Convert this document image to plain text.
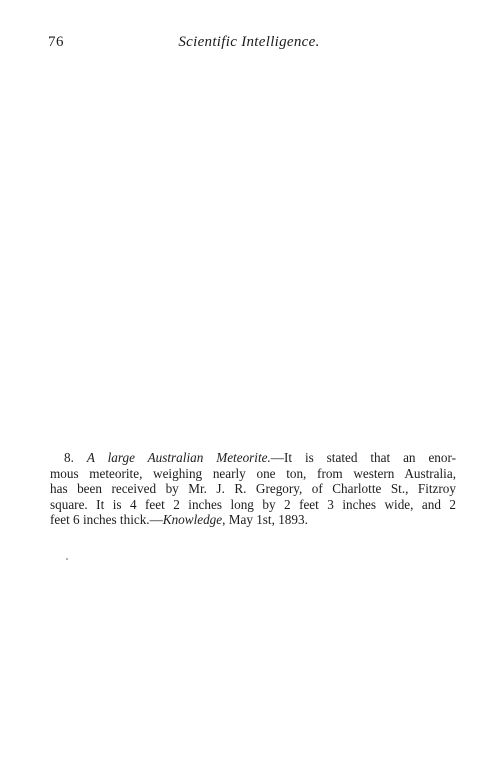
76	Scientific Intelligence.
8. A large Australian Meteorite.—It is stated that an enor-
mous meteorite, weighing nearly one ton, from western Australia,
has been received by Mr. J. R. Gregory, of Charlotte St., Fitzroy
square. It is 4 feet 2 inches long by 2 feet 3 inches wide, and 2
feet 6 inches thick.—Knowledge, May 1st, 1893.
